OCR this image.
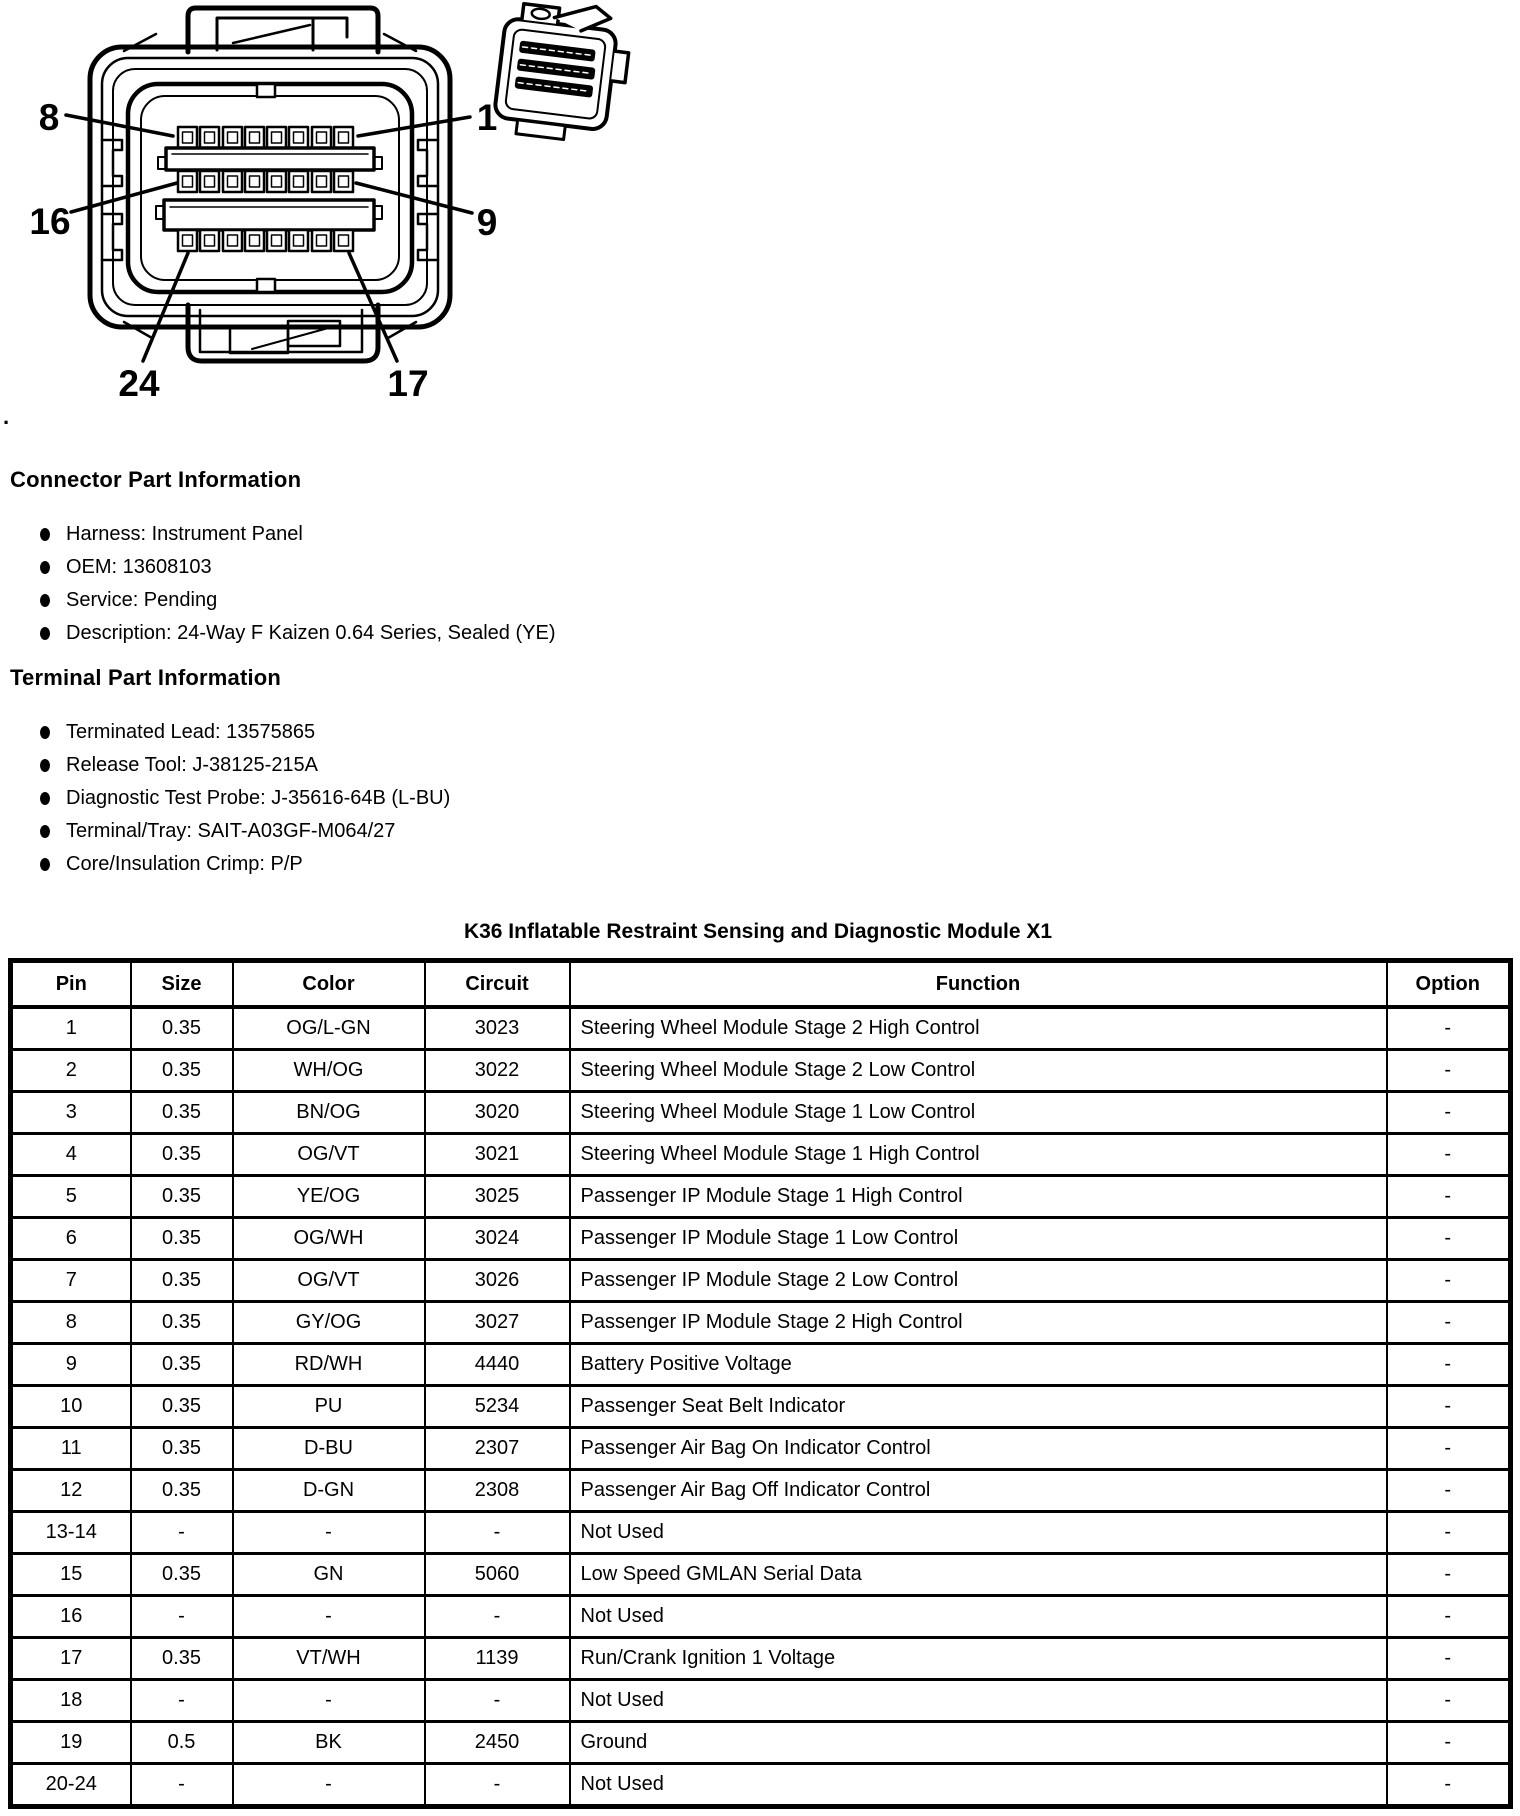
8	1
16	9
24	17
.
Connector Part Information
Harness: Instrument Panel
OEM: 13608103
Service: Pending
Description: 24-Way F Kaizen 0.64 Series, Sealed (YE)
Terminal Part Information
Terminated Lead: 13575865
Release Tool: J-38125-215A
Diagnostic Test Probe: J-35616-64B (L-BU)
Terminal/Tray: SAIT-A03GF-M064/27
Core/Insulation Crimp: P/P
K36 Inflatable Restraint Sensing and Diagnostic Module X1
Pin	Size	Color	Circuit	Function	Option
1	0.35	OG/L-GN	3023	Steering Wheel Module Stage 2 High Control	-
2	0.35	WH/OG	3022	Steering Wheel Module Stage 2 Low Control	-
3	0.35	BN/OG	3020	Steering Wheel Module Stage 1 Low Control	-
4	0.35	OG/VT	3021	Steering Wheel Module Stage 1 High Control	-
5	0.35	YE/OG	3025	Passenger IP Module Stage 1 High Control	-
6	0.35	OG/WH	3024	Passenger IP Module Stage 1 Low Control	-
7	0.35	OG/VT	3026	Passenger IP Module Stage 2 Low Control	-
8	0.35	GY/OG	3027	Passenger IP Module Stage 2 High Control	-
9	0.35	RD/WH	4440	Battery Positive Voltage	-
10	0.35	PU	5234	Passenger Seat Belt Indicator	-
11	0.35	D-BU	2307	Passenger Air Bag On Indicator Control	-
12	0.35	D-GN	2308	Passenger Air Bag Off Indicator Control	-
13-14	-	-	-	Not Used	-
15	0.35	GN	5060	Low Speed GMLAN Serial Data	-
16	-	-	-	Not Used	-
17	0.35	VT/WH	1139	Run/Crank Ignition 1 Voltage	-
18	-	-	-	Not Used	-
19	0.5	BK	2450	Ground	-
20-24	-	-	-	Not Used	-
